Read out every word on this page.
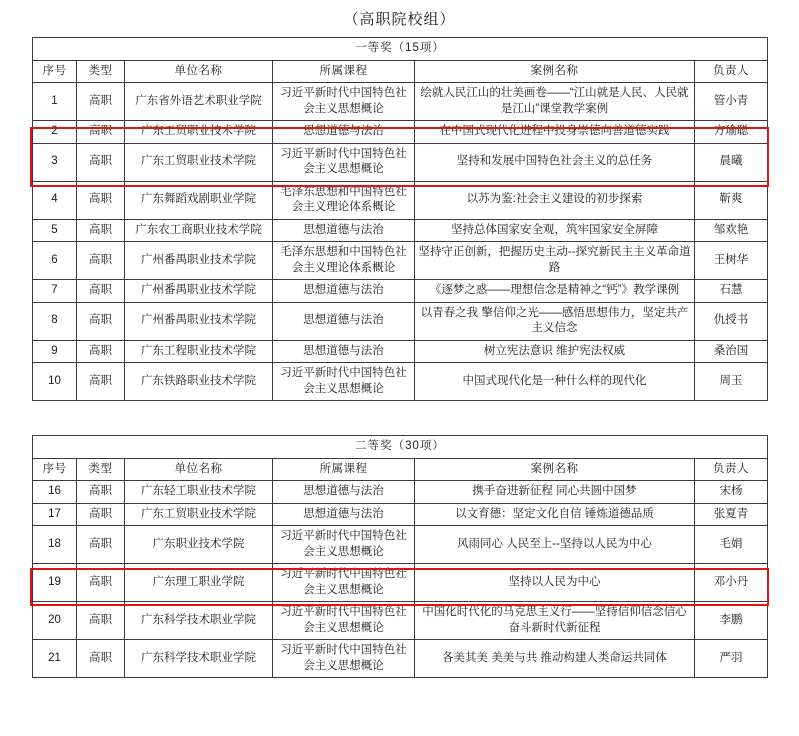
（高职院校组）
一等奖（15项）					
序号	类型	单位名称	所属课程	案例名称	负责人
1	高职	广东省外语艺术职业学院	习近平新时代中国特色社会主义思想概论	绘就人民江山的壮美画卷——“江山就是人民、人民就是江山”课堂教学案例	管小青
2	高职	广东工贸职业技术学院	思想道德与法治	在中国式现代化进程中投身崇德向善道德实践	方瑜聪
3	高职	广东工贸职业技术学院	习近平新时代中国特色社会主义思想概论	坚持和发展中国特色社会主义的总任务	晨曦
4	高职	广东舞蹈戏剧职业学院	毛泽东思想和中国特色社会主义理论体系概论	以苏为鉴:社会主义建设的初步探索	靳爽
5	高职	广东农工商职业技术学院	思想道德与法治	坚持总体国家安全观，筑牢国家安全屏障	邹欢艳
6	高职	广州番禺职业技术学院	毛泽东思想和中国特色社会主义理论体系概论	坚持守正创新，把握历史主动--探究新民主主义革命道路	王树华
7	高职	广州番禺职业技术学院	思想道德与法治	《逐梦之惑——理想信念是精神之“钙”》教学课例	石慧
8	高职	广州番禺职业技术学院	思想道德与法治	以青春之我 擎信仰之光——感悟思想伟力，坚定共产主义信念	仇授书
9	高职	广东工程职业技术学院	思想道德与法治	树立宪法意识 维护宪法权威	桑治国
10	高职	广东铁路职业技术学院	习近平新时代中国特色社会主义思想概论	中国式现代化是一种什么样的现代化	周玉
二等奖（30项）					
序号	类型	单位名称	所属课程	案例名称	负责人
16	高职	广东轻工职业技术学院	思想道德与法治	携手奋进新征程 同心共圆中国梦	宋杨
17	高职	广东工贸职业技术学院	思想道德与法治	以文育德：坚定文化自信 锤炼道德品质	张夏青
18	高职	广东职业技术学院	习近平新时代中国特色社会主义思想概论	风雨同心 人民至上--坚持以人民为中心	毛娟
19	高职	广东理工职业学院	习近平新时代中国特色社会主义思想概论	坚持以人民为中心	邓小丹
20	高职	广东科学技术职业学院	习近平新时代中国特色社会主义思想概论	中国化时代化的马克思主义行——坚持信仰信念信心 奋斗新时代新征程	李鹏
21	高职	广东科学技术职业学院	习近平新时代中国特色社会主义思想概论	各美其美 美美与共 推动构建人类命运共同体	严羽
